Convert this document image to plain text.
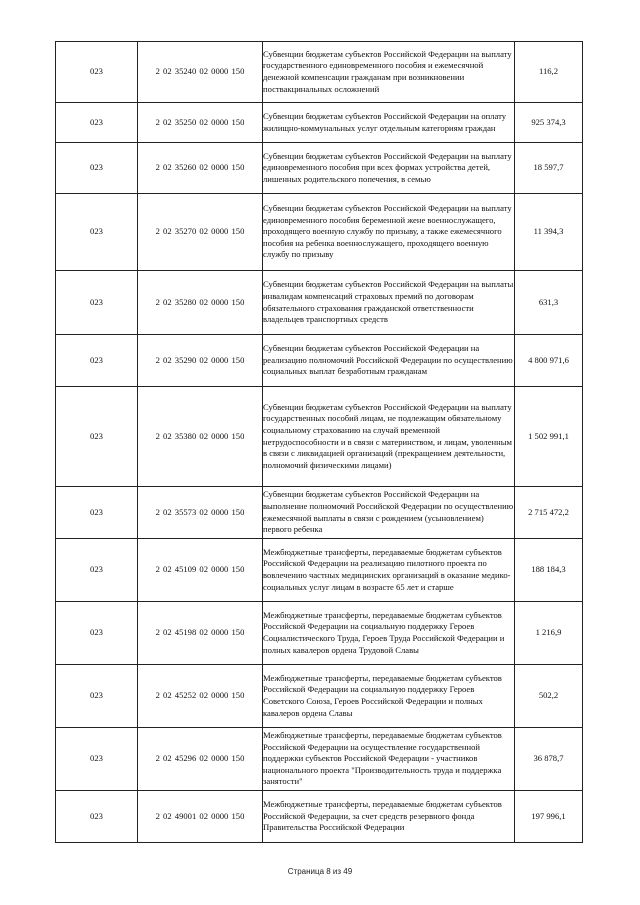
023	2 02 35240 02 0000 150	Субвенции бюджетам субъектов Российской Федерации на выплату государственного единовременного пособия и ежемесячной денежной компенсации гражданам при возникновении поствакцинальных осложнений	116,2
023	2 02 35250 02 0000 150	Субвенции бюджетам субъектов Российской Федерации на оплату жилищно-коммунальных услуг отдельным категориям граждан	925 374,3
023	2 02 35260 02 0000 150	Субвенции бюджетам субъектов Российской Федерации на выплату единовременного пособия при всех формах устройства детей, лишенных родительского попечения, в семью	18 597,7
023	2 02 35270 02 0000 150	Субвенции бюджетам субъектов Российской Федерации на выплату единовременного пособия беременной жене военнослужащего, проходящего военную службу по призыву, а также ежемесячного пособия на ребенка военнослужащего, проходящего военную службу по призыву	11 394,3
023	2 02 35280 02 0000 150	Субвенции бюджетам субъектов Российской Федерации на выплаты инвалидам компенсаций страховых премий по договорам обязательного страхования гражданской ответственности владельцев транспортных средств	631,3
023	2 02 35290 02 0000 150	Субвенции бюджетам субъектов Российской Федерации на реализацию полномочий Российской Федерации по осуществлению социальных выплат безработным гражданам	4 800 971,6
023	2 02 35380 02 0000 150	Субвенции бюджетам субъектов Российской Федерации на выплату государственных пособий лицам, не подлежащим обязательному социальному страхованию на случай временной нетрудоспособности и в связи с материнством, и лицам, уволенным в связи с ликвидацией организаций (прекращением деятельности, полномочий физическими лицами)	1 502 991,1
023	2 02 35573 02 0000 150	Субвенции бюджетам субъектов Российской Федерации на выполнение полномочий Российской Федерации по осуществлению ежемесячной выплаты в связи с рождением (усыновлением) первого ребенка	2 715 472,2
023	2 02 45109 02 0000 150	Межбюджетные трансферты, передаваемые бюджетам субъектов Российской Федерации на реализацию пилотного проекта по вовлечению частных медицинских организаций в оказание медико-социальных услуг лицам в возрасте 65 лет и старше	188 184,3
023	2 02 45198 02 0000 150	Межбюджетные трансферты, передаваемые бюджетам субъектов Российской Федерации на социальную поддержку Героев Социалистического Труда, Героев Труда Российской Федерации и полных кавалеров ордена Трудовой Славы	1 216,9
023	2 02 45252 02 0000 150	Межбюджетные трансферты, передаваемые бюджетам субъектов Российской Федерации на социальную поддержку Героев Советского Союза, Героев Российской Федерации и полных кавалеров ордена Славы	502,2
023	2 02 45296 02 0000 150	Межбюджетные трансферты, передаваемые бюджетам субъектов Российской Федерации на осуществление государственной поддержки субъектов Российской Федерации - участников национального проекта "Производительность труда и поддержка занятости"	36 878,7
023	2 02 49001 02 0000 150	Межбюджетные трансферты, передаваемые бюджетам субъектов Российской Федерации, за счет средств резервного фонда Правительства Российской Федерации	197 996,1
Страница 8 из 49
